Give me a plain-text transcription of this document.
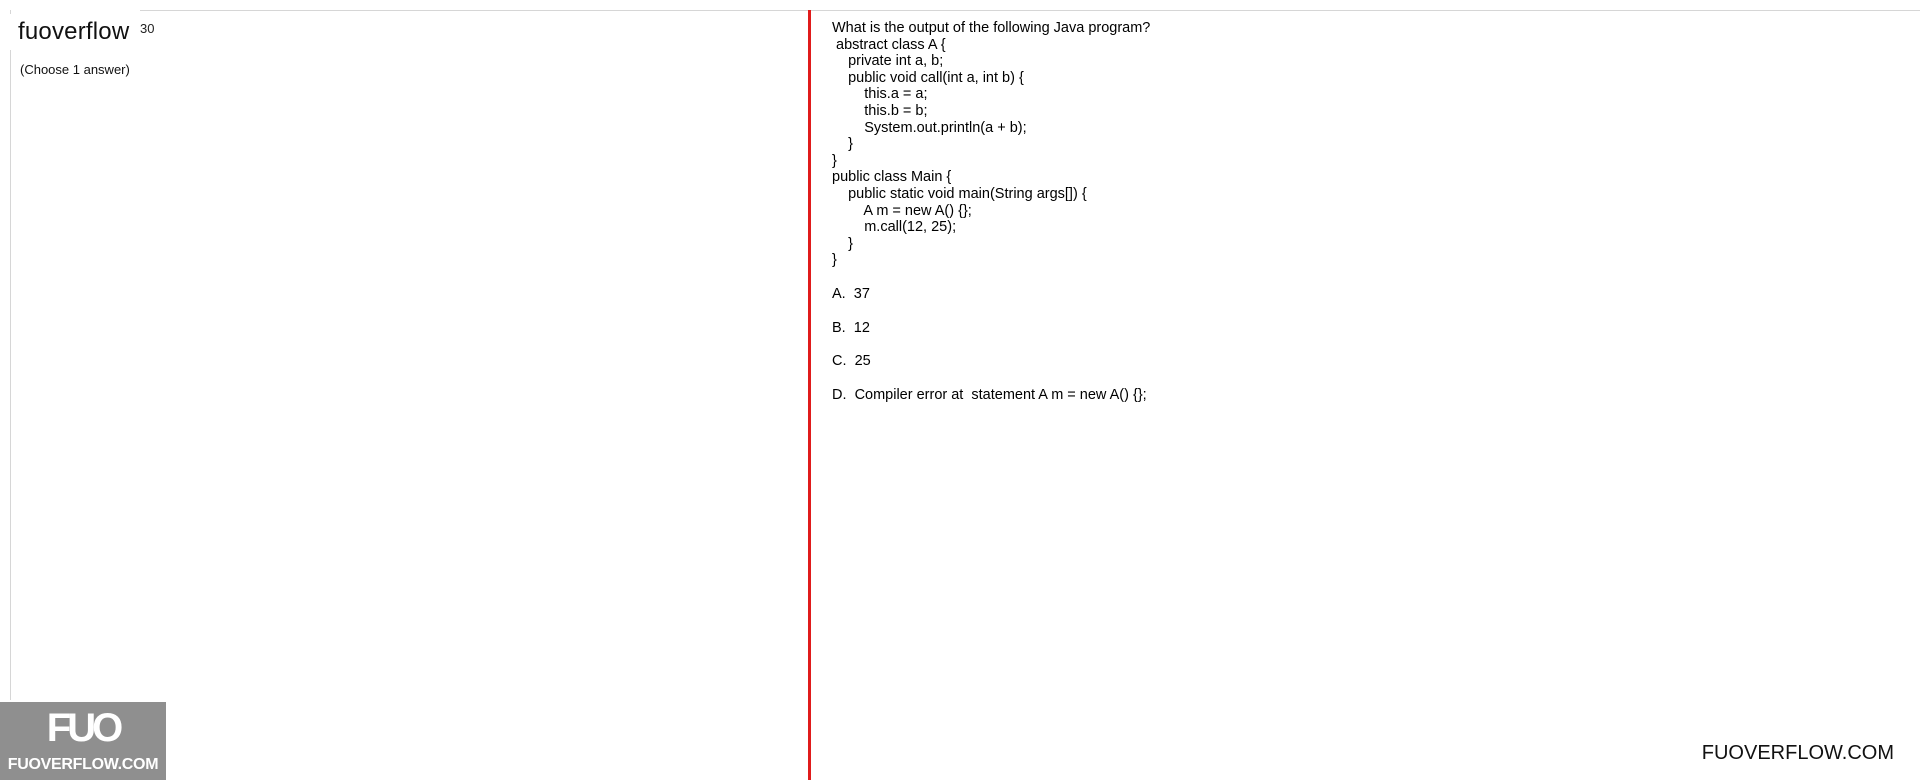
fuoverflow 30
(Choose 1 answer)
What is the output of the following Java program?
abstract class A {
private int a, b;
public void call(int a, int b) {
this.a = a;
this.b = b;
System.out.println(a + b);
}
}
public class Main {
public static void main(String args[]) {
A m = new A() {};
m.call(12, 25);
}
}
A. 37
B. 12
C. 25
D. Compiler error at  statement A m = new A() {};
FUO
FUOVERFLOW.COM
FUOVERFLOW.COM
